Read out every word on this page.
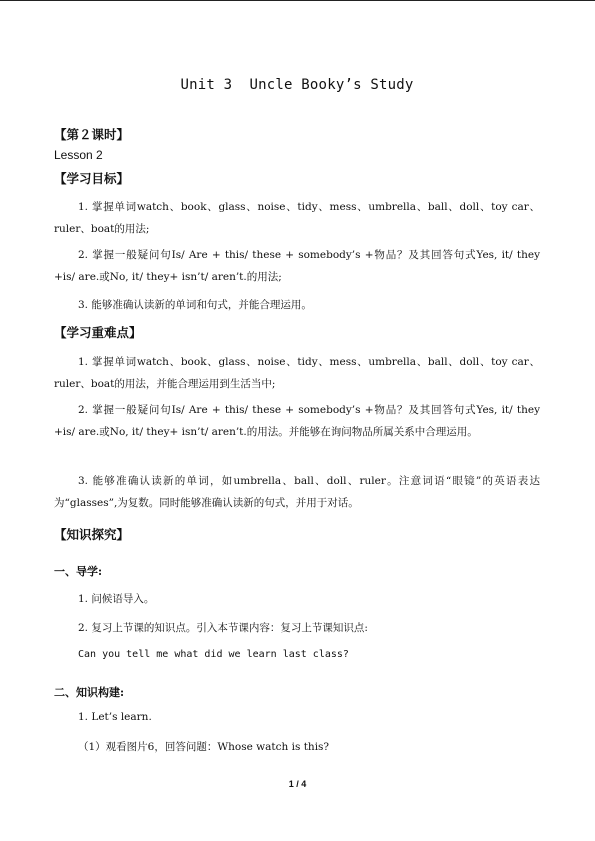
Unit 3  Uncle Booky’s Study
【第２课时】
Lesson 2
【学习目标】
1. 掌握单词watch、book、glass、noise、tidy、mess、umbrella、ball、doll、toy car、ruler、boat的用法;
2. 掌握一般疑问句Is/ Are + this/ these + somebody’s +物品？及其回答句式Yes, it/ they +is/ are.或No, it/ they+ isn’t/ aren’t.的用法;
3. 能够准确认读新的单词和句式，并能合理运用。
【学习重难点】
1. 掌握单词watch、book、glass、noise、tidy、mess、umbrella、ball、doll、toy car、ruler、boat的用法，并能合理运用到生活当中;
2. 掌握一般疑问句Is/ Are + this/ these + somebody’s +物品？及其回答句式Yes, it/ they +is/ are.或No, it/ they+ isn’t/ aren’t.的用法。并能够在询问物品所属关系中合理运用。
3. 能够准确认读新的单词，如umbrella、ball、doll、ruler。注意词语“眼镜”的英语表达为“glasses”,为复数。同时能够准确认读新的句式，并用于对话。
【知识探究】
一、导学:
1. 问候语导入。
2. 复习上节课的知识点。引入本节课内容：复习上节课知识点:
Can you tell me what did we learn last class?
二、知识构建:
1. Let’s learn.
（1）观看图片6，回答问题：Whose watch is this?
1 / 4
